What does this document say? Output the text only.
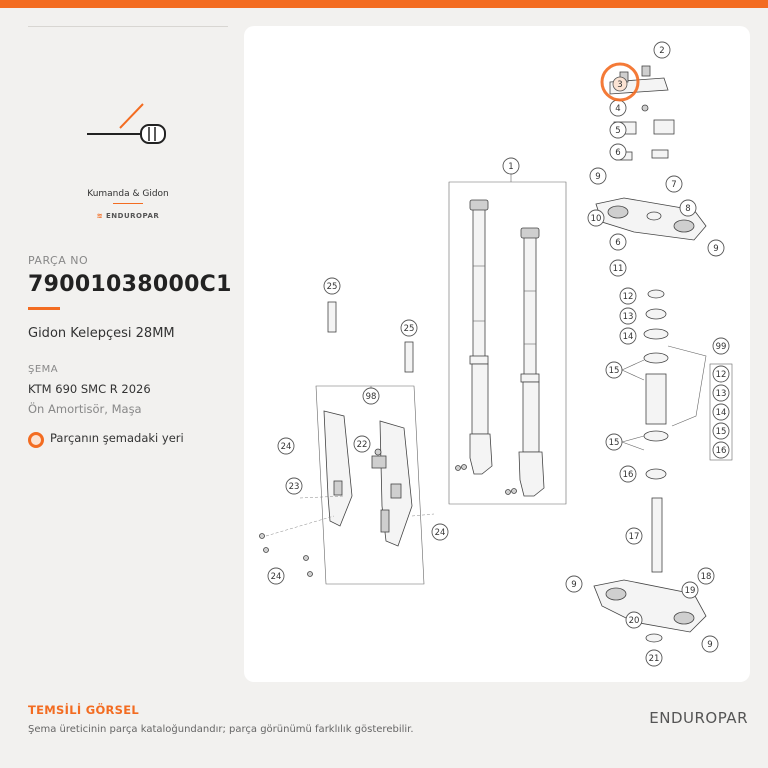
Kumanda & Gidon
≋ ENDUROPAR
PARÇA NO
79001038000C1
Gidon Kelepçesi 28MM
ŞEMA
KTM 690 SMC R 2026
Ön Amortisör, Maşa
Parçanın şemadaki yeri
1
2
4
5
6
7
8
9
10
9
6
11
12
13
14
15
15
16
17
18
19
9
20
9
21
22
23
24
24
24
25
25
98
99
12
13
14
15
16
3
TEMSİLİ GÖRSEL
Şema üreticinin parça kataloğundandır; parça görünümü farklılık gösterebilir.
ENDUROPAR
